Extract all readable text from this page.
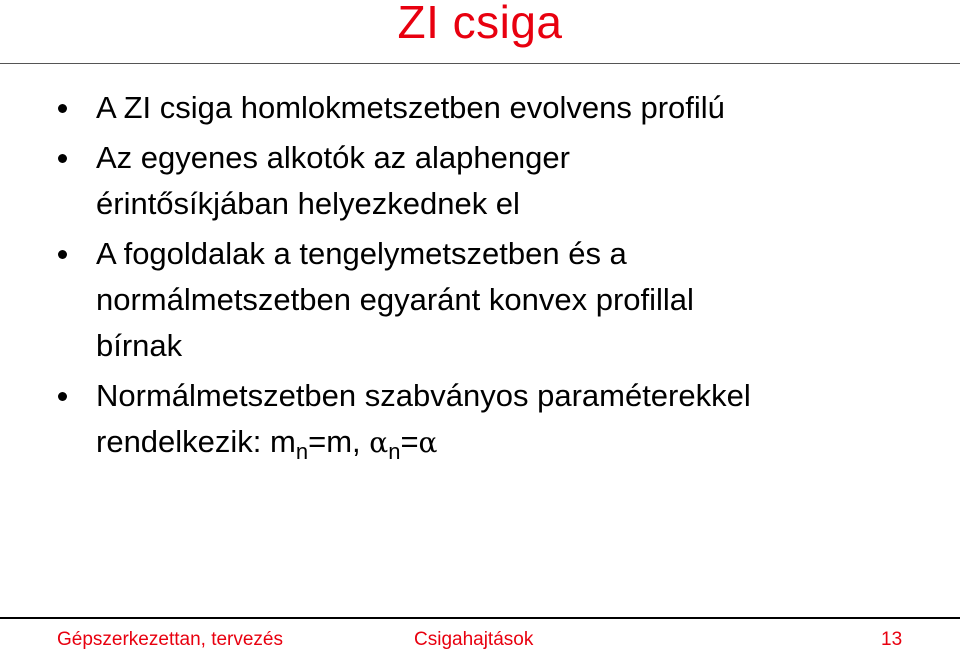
ZI csiga
A ZI csiga homlokmetszetben evolvens profilú
Az egyenes alkotók az alaphenger
érintősíkjában helyezkednek el
A fogoldalak a tengelymetszetben és a
normálmetszetben egyaránt konvex profillal
bírnak
Normálmetszetben szabványos paraméterekkel
rendelkezik: $m_n=m$, $\alpha_n=\alpha$
Gépszerkezettan, tervezés	Csigahajtások	13
